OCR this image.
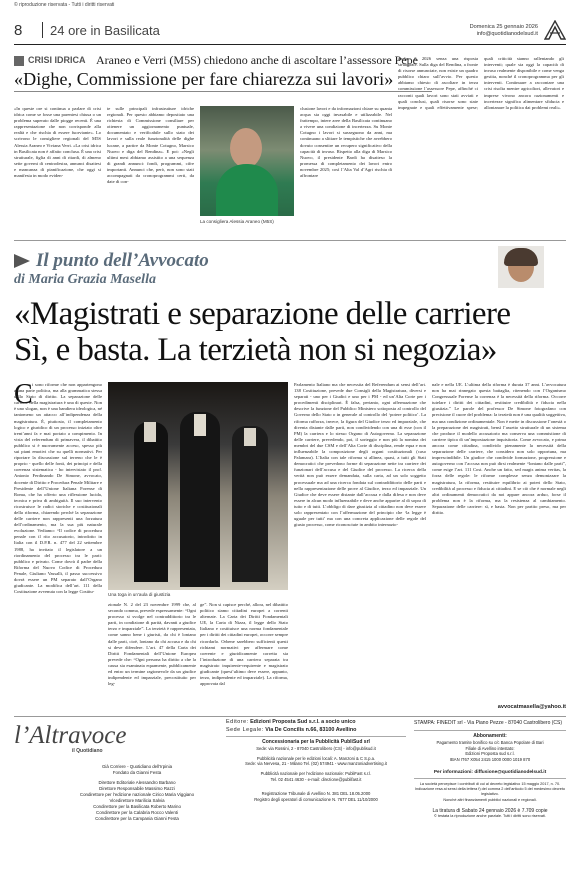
© riproduzione riservata - Tutti i diritti riservati
8 24 ore in Basilicata	Domenica 25 gennaio 2026
info@quotidianodelsud.it
CRISI IDRICA Araneo e Verri (M5S) chiedono anche di ascoltare l’assessore Pepe
«Dighe, Commissione per fare chiarezza sui lavori»

«In queste ore si continua a parlare di crisi idrica come se fosse una parentesi chiusa o un problema superato dalle piogge recenti. È una rappresentazione che non corrisponde alla realtà e che rischia di essere fuorviante». Lo scrivono le consigliere regionali del M5S Alessia Araneo e Viviana Verri. «La crisi idrica in Basilicata non è affatto conclusa. È una crisi strutturale, figlia di anni di ritardi, di almeno sette governi di centrodestra, annunci disattesi e mancanza di pianificazione, che oggi si manifesta in modo eviden-

te sulle principali infrastrutture idriche regionali. Per questo abbiamo depositato una richiesta di Commissione consiliare per ottenere un aggiornamento puntuale, documentato e verificabile sullo stato dei lavori e sulla reale funzionalità delle dighe lucane, a partire da Monte Cotugno, Marsico Nuovo e diga del Rendina». E poi: «Negli ultimi mesi abbiamo assistito a una sequenza di grandi annunci: fondi, programmi, cifre importanti. Annunci che, però, non sono stati accompagnati da cronoprogrammi certi, da date di con-

La consigliera Alessia Araneo (M5S)

clusione lavori e da informazioni chiare su quanta acqua sia oggi invasabile e utilizzabile. Nel frattempo, intere aree della Basilicata continuano a vivere una condizione di incertezza. Su Monte Cotugno i lavori si susseguono da anni, ma continuano a slittare le tempistiche che avrebbero dovuto consentire un recupero significativo della capacità di invaso. Rispetto alla diga di Marsico Nuovo, il presidente Bardi ha disatteso la promessa di completamento dei lavori entro novembre 2025; così l’Alta Val d’Agri rischia di affrontare

anche il 2026 senza una risposta strutturale. Sulla diga del Rendina, a fronte di risorse annunciate, non esiste un quadro pubblico chiaro sull’avvio. Per questo abbiamo chiesto di ascoltare in terza commissione l’assessore Pepe, affinché ci racconti quali lavori sono stati avviati e quali conclusi, quali risorse sono state impegnate e quali effettivamente spese; quali criticità stanno rallentando gli interventi; quale sia oggi la capacità di invaso realmente disponibile e come venga gestita, nonché il cronoprogramma per gli interventi. Continuare a raccontare una crisi risolta mentre agricoltori, allevatori e imprese vivono ancora razionamenti e incertezze significa alimentare sfiducia e allontanare la politica dai problemi reali».

Il punto dell’Avvocato
di Maria Grazia Masella
«Magistrati e separazione delle carriere
Sì, e basta. La terzietà non si negozia»
C i sono riforme che non appartengono a una parte politica, ma alla grammatica stessa dello Stato di diritto. La separazione delle carriere della magistratura è una di queste. Non è uno slogan, non è una bandiera ideologica, né tantomeno un attacco all’indipendenza della magistratura. È, piuttosto, il completamento logico e giuridico di un processo iniziato oltre trent’anni fa e mai portato a compimento. In vista del referendum di primavera, il dibattito pubblico si è nuovamente acceso, spesso più sui piani emotivi che su quelli normativi. Per riportare la discussione sul terreno che le è proprio - quello delle fonti, dei principi e della coerenza sistematica - ho intervistato il prof. Antonio Ferdinando De Simone, avvocato, docente di Diritto e Procedura Penale Militare e Presidente dell’Unione Italiana Forense di Roma, che ha offerto una riflessione lucida, tecnica e priva di ambiguità. Il suo intervento ricostruisce le radici storiche e costituzionali della riforma, chiarendo perché la separazione delle carriere non rappresenti una forzatura dell’ordinamento, ma la sua più naturale evoluzione. Vediamo: “Il codice di procedura penale con il rito accusatorio, introdotto in Italia con il D.P.R. n. 477 del 22 settembre 1988, ha invitato il legislatore a un riordinamento del processo tra le parti: pubblico e privato. Come dovrà il padre della Riforma del Nuovo Codice di Procedura Penale, Giuliano Vassalli, il passo successivo dovrà essere un PM separato dall’Organo giudicante. La modifica dell’art. 111 della Costituzione avvenuta con la legge Costitu-

Una toga in un’aula di giustizia

zionale N. 2 del 23 novembre 1999 che, al secondo comma, prevede espressamente: “Ogni processo si svolge nel contraddittorio tra le parti, in condizione di parità, davanti a giudice terzo e imparziale”. La terzietà è rappresentata, come sanno bene i giuristi, da chi è lontano dalle parti, cioè, lontano da chi accusa e da chi si deve difendere. L’art. 47 della Carta dei Diritti Fondamentali dell’Unione Europea prevede che: “Ogni persona ha diritto a che la causa sia esaminata equamente, pubblicamente ed entro un termine ragionevole da un giudice indipendente ed imparziale, precostituito per leg-

ge”. Non si capisce perché, allora, nel dibattito politico siamo cittadini europei a correnti alternate. La Carta dei Diritti Fondamentali UE, la Carta di Nizza, il legge dello Stato Italiano e costituisce una norma fondamentale per i diritti dei cittadini europei, occorre sempre ricordarlo. Orbene sarebbero sufficienti questi richiami normativi per affermare come coerente e giuridicamente corretta sia l’introduzione di una carriera separata tra magistrato inquirente-requirente e magistrato giudicante (quest’ultimo deve essere, appunto, terzo, indipendente ed imparziale). La riforma, approvata dal

Parlamento Italiano ma che necessita del Referendum ai sensi dell’art. 138 Costituzione, prevede due Consigli della Magistratura, diversi e separati - uno per i Giudici e uno per i PM - ed un’Alta Corte per i procedimenti disciplinari. È falsa, pertanto, ogni affermazione che descrive la funzione del Pubblico Ministero sottoposta al controllo del Governo dello Stato o in generale al controllo del ‘potere politico’. La riforma rafforza, invece, la figura del Giudice terzo ed imparziale, che diventa distante dalle parti, non condividendo con una di esse (con il PM) la carriera e lo stesso Organo di Autogoverno. La separazione delle carriere, prevedendo, poi, il sorteggio e non più la nomina dei membri del due CSM e dell’Alta Corte di disciplina, rende equa e non influenzabile la composizione degli organi costituzionali (caso Palamara). L’Italia con tale riforma si allinea, quasi, a tutti gli Stati democratici che prevedono forme di separazione nette tra carriere dei funzionari dell’accusa e del Giudice del processo. La ricerca della verità non può essere demandata, sulla carta, ad un solo soggetto processuale ma ad una ricerca fondata sul contraddittorio delle parti e nella rappresentazione delle prove al Giudice, terzo ed imparziale. Un Giudice che deve essere distante dall’accusa e dalla difesa e non deve essere in alcun modo influenzabile e deve anche apparire al di sopra di tutto e di tutti. L’obbligo di dare giustizia al cittadino non deve essere solo rappresentato con l’affermazione del principio che ‘la legge è uguale per tutti’ ma con una concreta applicazione delle regole del giusto processo, come riconosciute in ambito internazio-

nale e nella UE. L’ultima della riforma è durata 37 anni. L’avvocatura non ha mai rinnegato questa battaglia, ritenendo con l’Organismo Congressuale Forense la correnza è la necessità della riforma. Occorre tutelare i diritti dei cittadini, restituire credibilità e fiducia nella giustizia.” Le parole del professor De Simone fotografano con precisione il cuore del problema: la terzietà non è una qualità soggettiva, ma una condizione ordinamentale. Non è mette in discussione l’onestà o la preparazione dei magistrati, bensì l’assetto strutturale di un sistema che produce il modello accusatorio ma conserva una commistione di carriere tipica di un’impostazione inquisitoria. Come avvocato, e prima ancora come cittadina, condivido pienamente la necessità della separazione delle carriere, che considero non solo opportuna, ma imprescindibile. Un giudice che condivide formazione, progressione e autogoverno con l’accusa non può dirsi realmente “lontano dalle parti”, come esige l’art. 111 Cost. Anche un fatto, sed magis anima veritas, la forza delle regole: le riforme complesse senza demonizzare la magistratura, la riforma, restituire equilibrio ai poteri dello Stato, credibilità al processo e fiducia ai cittadini. E se ciò che è normale negli altri ordinamenti democratici da noi appare ancora arduo, forse il problema non è la riforma, ma la resistenza al cambiamento. Separazione delle carriere: sì, e basta. Non per partito preso, ma per diritto.

avvocatmasella@yahoo.it
l’Altravoce
il Quotidiano
Già Corriere - Quotidiano dell’Irpinia
Fondato da Gianni Festa
Direttore Editoriale Alessandro Barbano
Direttore Responsabile Massimo Razzi
Condirettore per l’edizione nazionale Cirico Maria Viggiano
Vicedirettore Marilicia Salvia
Condirettore per la Basilicata Roberto Marino
Condirettore per la Calabria Rocco Valenti
Condirettore per la Campania Gianni Festa
Editore: Edizioni Proposta Sud s.r.l. a socio unico
Sede Legale: Via De Concilis n.66, 83100 Avellino
Concessionaria per la Pubblicità PubliSud srl
Sede: via Rossini, 2 - 87040 Castrolibero (CS) - info@publisud.it
Pubblicità nazionale per le edizioni locali: A. Manzoni & C S.p.a.
Sede: via Nervesa, 21 - Milano Tel. (02) 574941 - www.manzoniadvertising.it
Pubblicità nazionale per l’edizione nazionale: PubliFast s.r.l.
Tel. 02 4541 4630 - e-mail: direzione@publifast.it
Registrazione Tribunale di Avellino N. 381 DEL 18.05.2000
Registro degli operatori di comunicazione N. 7677 DEL 11/10/2000
STAMPA: FINEDIT srl - Via Piano Pezze - 87040 Castrolibero (CS)
Abbonamenti:
Pagamento tramite bonifico su c/c Banca Popolare di Bari
Filiale di Avellino intestato:
Edizioni Proposta sud s.r.l.
IBAN IT67 X054 2415 1000 0000 1019 870
Per informazioni: diffusione@quotidianodelsud.it
La società percepisce i contributi di cui al decreto legislativo 15 maggio 2017, n. 70.
Indicazione resa ai sensi della lettera f) del comma 2 dell’articolo 5 del medesimo decreto legislativo.
Nonché altri finanziamenti pubblici nazionali e regionali.
La tiratura di Sabato 24 gennaio 2026 è 7.709 copie
© testata la riproduzione anche parziale. Tutti i diritti sono riservati.
